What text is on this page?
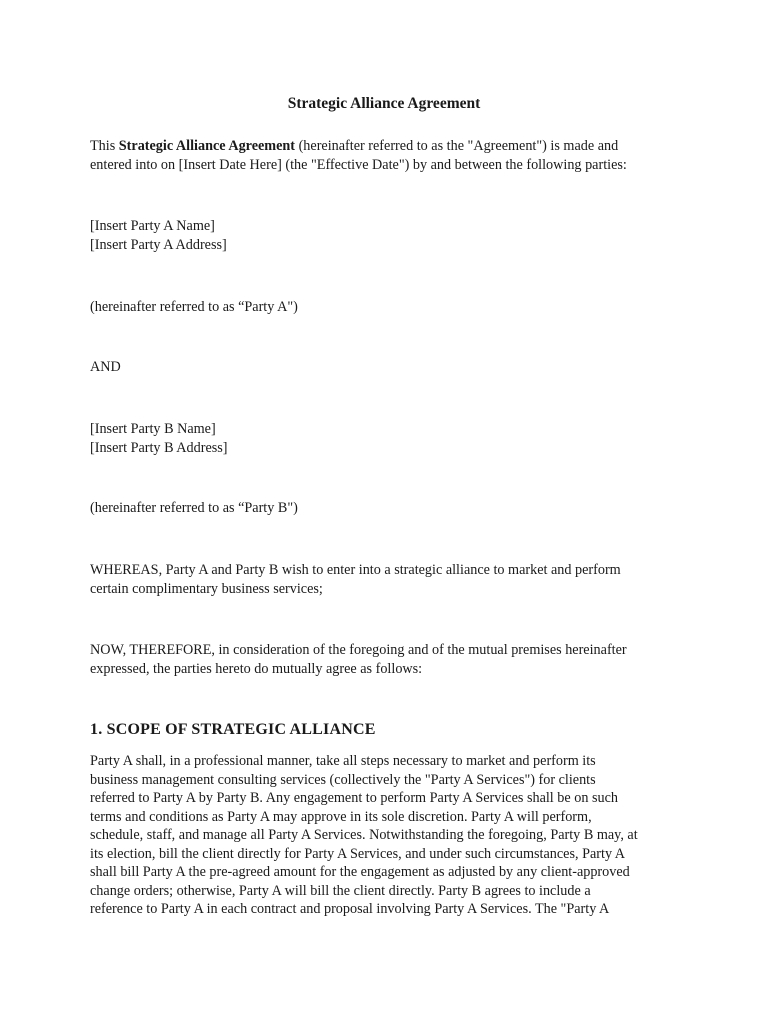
Strategic Alliance Agreement

This Strategic Alliance Agreement (hereinafter referred to as the "Agreement") is made and
entered into on [Insert Date Here] (the "Effective Date") by and between the following parties:

[Insert Party A Name]
[Insert Party A Address]

(hereinafter referred to as “Party A")

AND

[Insert Party B Name]
[Insert Party B Address]

(hereinafter referred to as “Party B")

WHEREAS, Party A and Party B wish to enter into a strategic alliance to market and perform
certain complimentary business services;

NOW, THEREFORE, in consideration of the foregoing and of the mutual premises hereinafter
expressed, the parties hereto do mutually agree as follows:

1. SCOPE OF STRATEGIC ALLIANCE

Party A shall, in a professional manner, take all steps necessary to market and perform its
business management consulting services (collectively the "Party A Services") for clients
referred to Party A by Party B. Any engagement to perform Party A Services shall be on such
terms and conditions as Party A may approve in its sole discretion. Party A will perform,
schedule, staff, and manage all Party A Services. Notwithstanding the foregoing, Party B may, at
its election, bill the client directly for Party A Services, and under such circumstances, Party A
shall bill Party A the pre-agreed amount for the engagement as adjusted by any client-approved
change orders; otherwise, Party A will bill the client directly. Party B agrees to include a
reference to Party A in each contract and proposal involving Party A Services. The "Party A
